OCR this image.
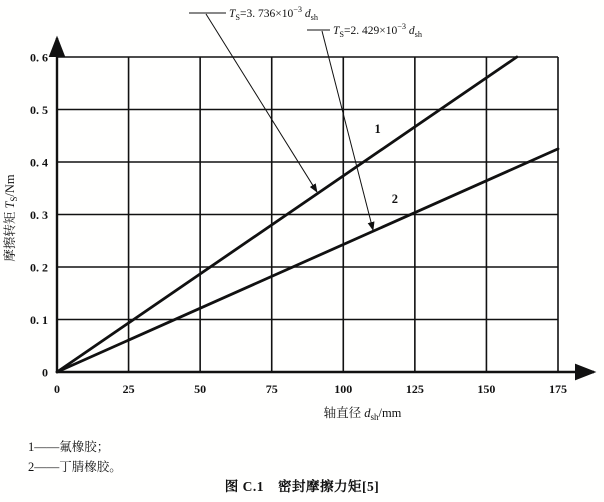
1
2
0	25	50	75	100	125	150	175
0
0. 1
0. 2
0. 3
0. 4
0. 5
0. 6
轴直径 $d_{sh}/mm$
摩擦转矩 $T_S/Nm$
$T_S=3$. $736\times 10^{-3}$ $d_{sh}$
$T_S=2$. $429\times 10^{-3}$ $d_{sh}$
1——氟橡胶；
2——丁腈橡胶。
图 C.1　密封摩擦力矩[5]
